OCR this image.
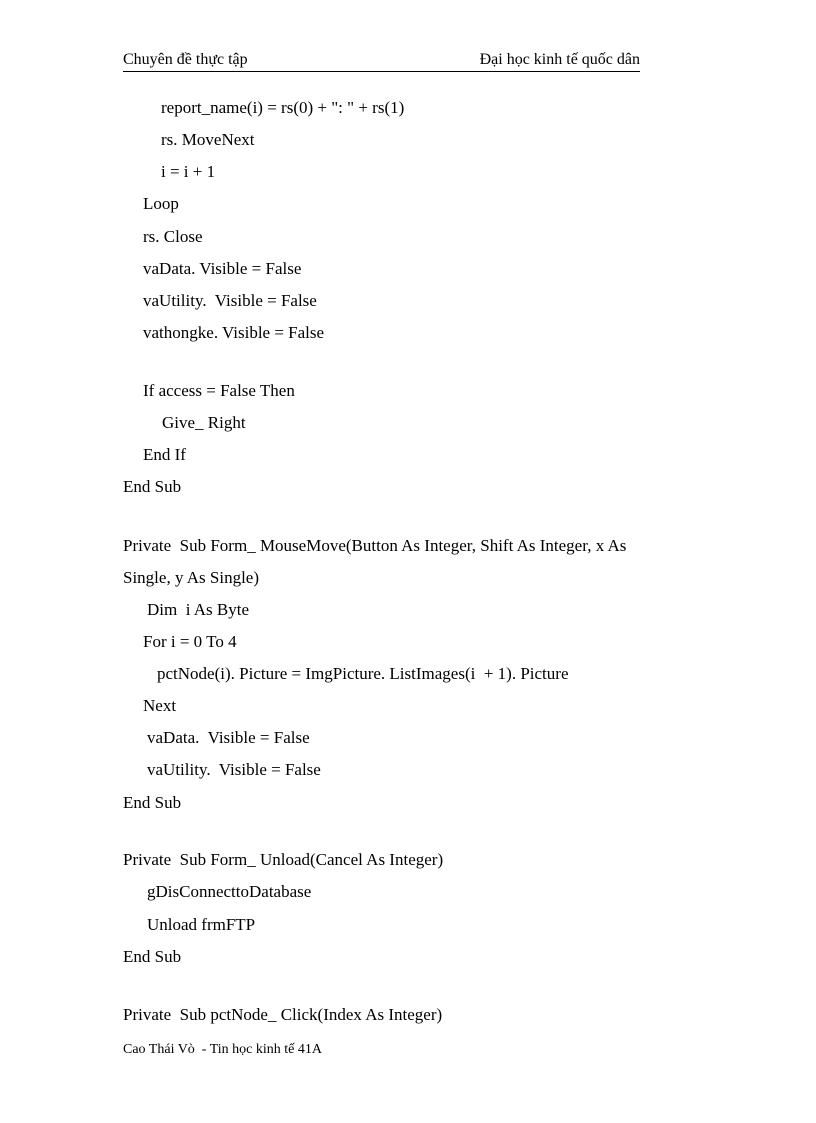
Chuyên đề thực tập	Đại học kinh tế quốc dân
report_name(i) = rs(0) + ": " + rs(1)
rs. MoveNext
i = i + 1
Loop
rs. Close
vaData. Visible = False
vaUtility.  Visible = False
vathongke. Visible = False
If access = False Then
Give_ Right
End If
End Sub
Private  Sub Form_ MouseMove(Button As Integer, Shift As Integer, x As
Single, y As Single)
Dim  i As Byte
For i = 0 To 4
pctNode(i). Picture = ImgPicture. ListImages(i  + 1). Picture
Next
vaData.  Visible = False
vaUtility.  Visible = False
End Sub
Private  Sub Form_ Unload(Cancel As Integer)
gDisConnecttoDatabase
Unload frmFTP
End Sub
Private  Sub pctNode_ Click(Index As Integer)
Cao Thái Vò  - Tin học kinh tế 41A
